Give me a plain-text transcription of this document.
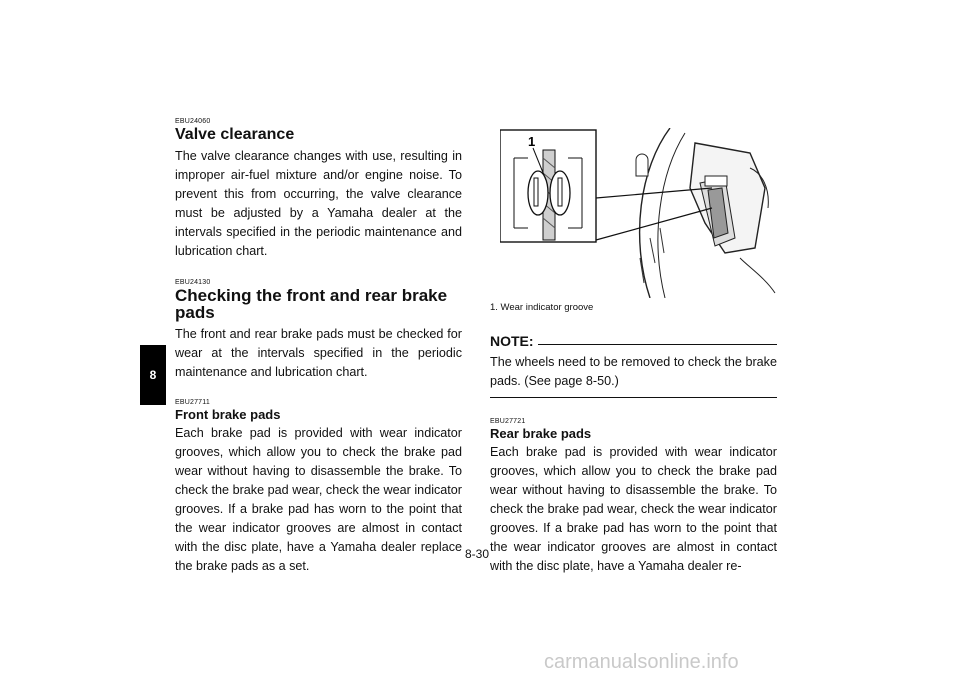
8
EBU24060
Valve clearance

The valve clearance changes with use, resulting in improper air-fuel mixture and/or engine noise. To prevent this from occurring, the valve clearance must be adjusted by a Yamaha dealer at the intervals specified in the periodic maintenance and lubrication chart.

EBU24130
Checking the front and rear brake pads

The front and rear brake pads must be checked for wear at the intervals specified in the periodic maintenance and lubrication chart.

EBU27711
Front brake pads

Each brake pad is provided with wear indicator grooves, which allow you to check the brake pad wear without having to disassemble the brake. To check the brake pad wear, check the wear indicator grooves. If a brake pad has worn to the point that the wear indicator grooves are almost in contact with the disc plate, have a Yamaha dealer replace the brake pads as a set.

1
1. Wear indicator groove
NOTE:

The wheels need to be removed to check the brake pads. (See page 8-50.)

EBU27721
Rear brake pads

Each brake pad is provided with wear indicator grooves, which allow you to check the brake pad wear without having to disassemble the brake. To check the brake pad wear, check the wear indicator grooves. If a brake pad has worn to the point that the wear indicator grooves are almost in contact with the disc plate, have a Yamaha dealer re-

8-30
carmanualsonline.info
